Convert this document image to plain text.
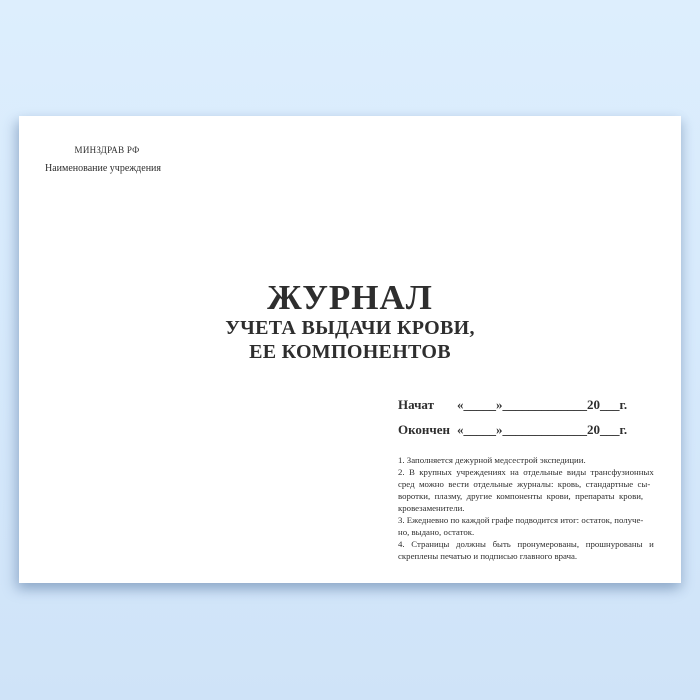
МИНЗДРАВ РФ
Наименование учреждения
ЖУРНАЛ
УЧЕТА ВЫДАЧИ КРОВИ,
ЕЕ КОМПОНЕНТОВ
Начат «_____»_____________20___г.
Окончен «_____»_____________20___г.
1. Заполняется дежурной медсестрой экспедиции.
2. В крупных учреждениях на отдельные виды трансфузионных
сред можно вести отдельные журналы: кровь, стандартные сы-
воротки, плазму, другие компоненты крови, препараты крови,
кровезаменители.
3. Ежедневно по каждой графе подводится итог: остаток, получе-
но, выдано, остаток.
4. Страницы должны быть пронумерованы, прошнурованы и
скреплены печатью и подписью главного врача.
